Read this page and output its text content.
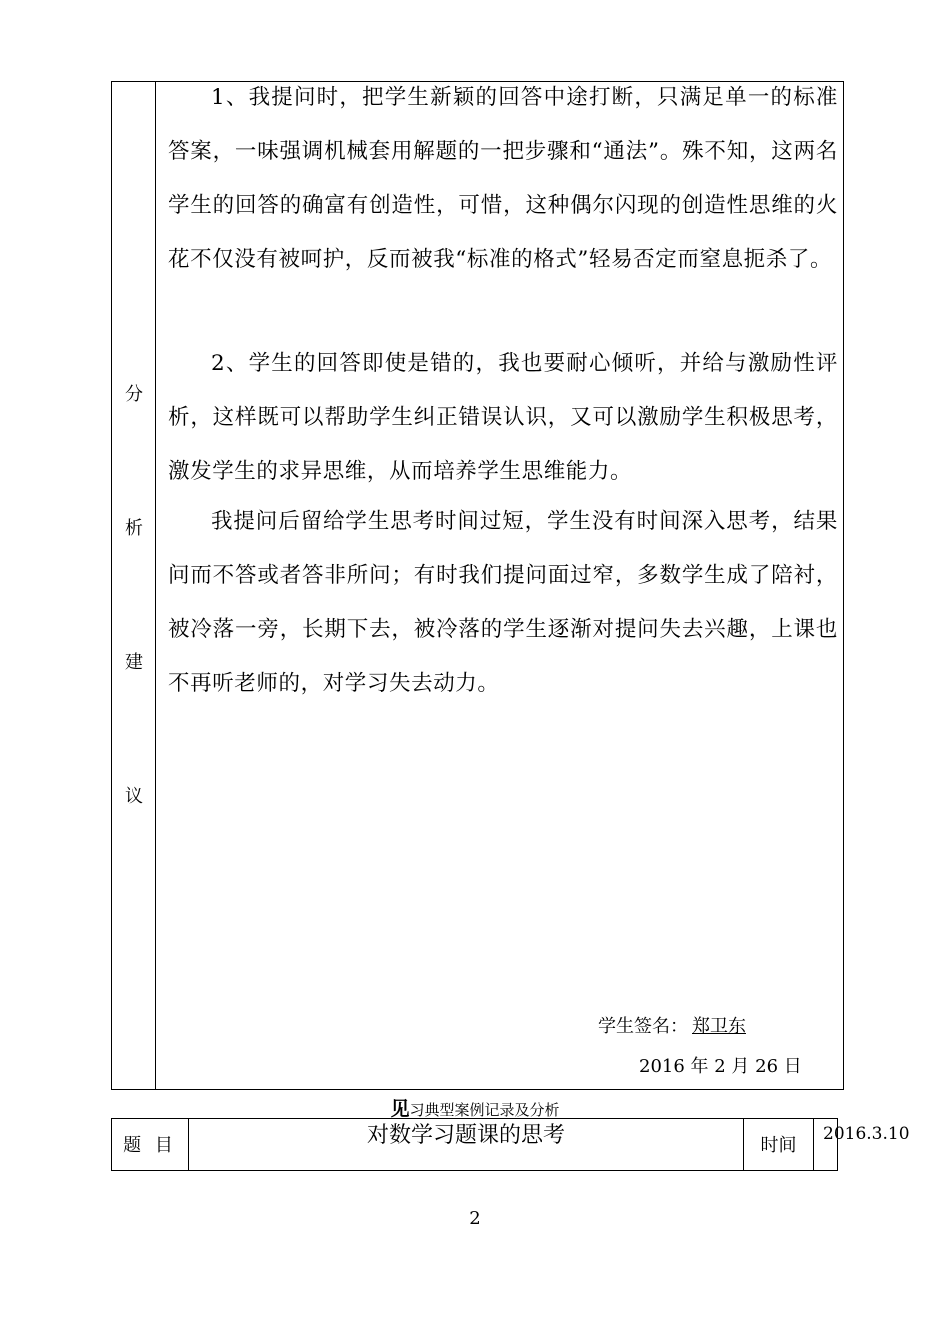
分
析
建
议
1、我提问时，把学生新颖的回答中途打断，只满足单一的标准答案，一味强调机械套用解题的一把步骤和“通法”。殊不知，这两名学生的回答的确富有创造性，可惜，这种偶尔闪现的创造性思维的火花不仅没有被呵护，反而被我“标准的格式”轻易否定而窒息扼杀了。
2、学生的回答即使是错的，我也要耐心倾听，并给与激励性评析，这样既可以帮助学生纠正错误认识，又可以激励学生积极思考，激发学生的求异思维，从而培养学生思维能力。
我提问后留给学生思考时间过短，学生没有时间深入思考，结果问而不答或者答非所问；有时我们提问面过窄，多数学生成了陪衬，被冷落一旁，长期下去，被冷落的学生逐渐对提问失去兴趣，上课也不再听老师的，对学习失去动力。
学生签名： 郑卫东
2016 年 2 月 26 日
见习典型案例记录及分析
题 目	对数学习题课的思考	时间
2016.3.10
2
